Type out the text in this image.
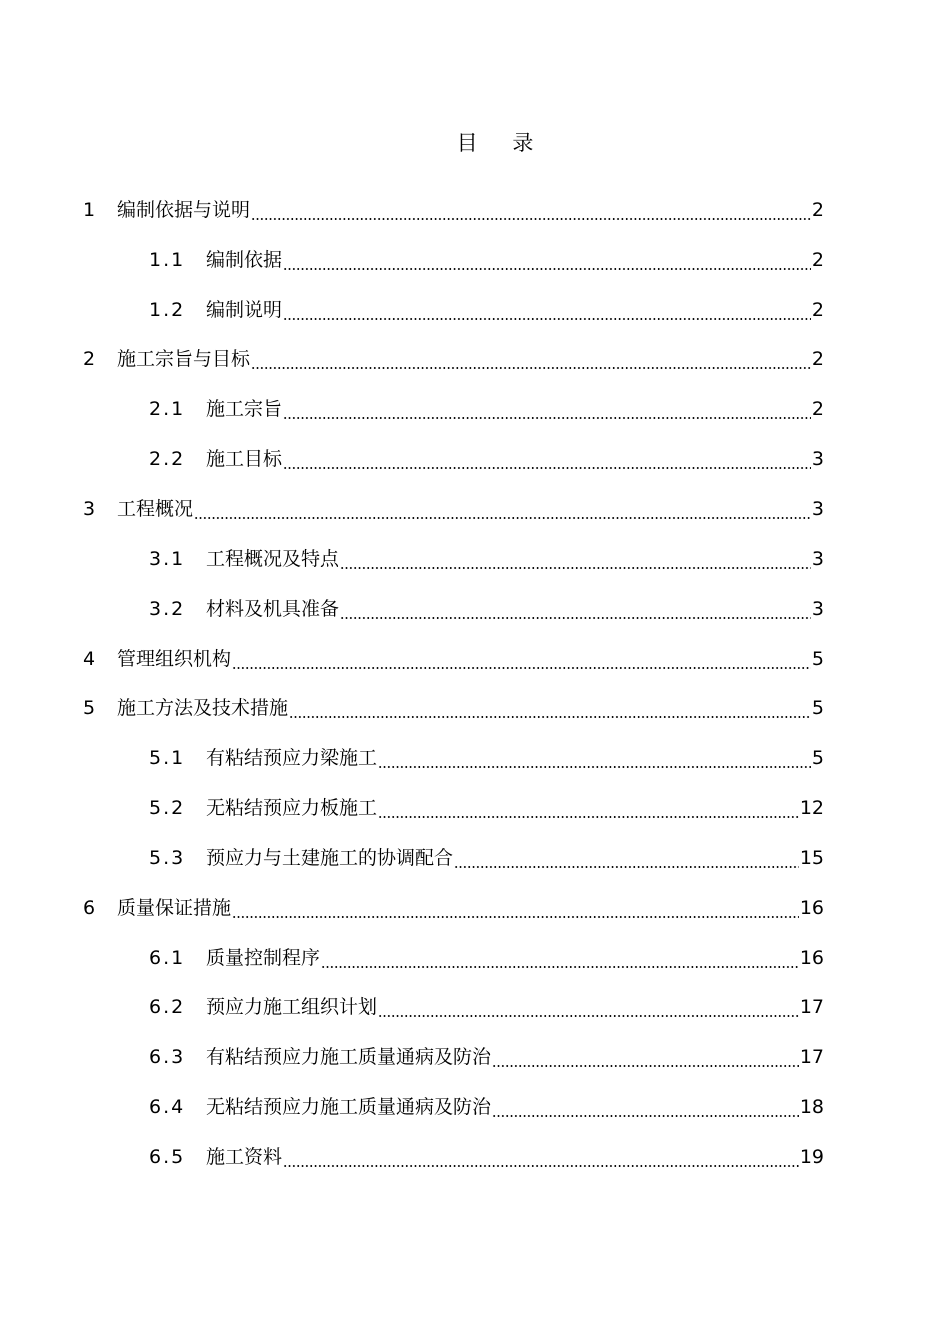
目 录
1	编制依据与说明	2
1.1	编制依据	2
1.2	编制说明	2
2	施工宗旨与目标	2
2.1	施工宗旨	2
2.2	施工目标	3
3	工程概况	3
3.1	工程概况及特点	3
3.2	材料及机具准备	3
4	管理组织机构	5
5	施工方法及技术措施	5
5.1	有粘结预应力梁施工	5
5.2	无粘结预应力板施工	12
5.3	预应力与土建施工的协调配合	15
6	质量保证措施	16
6.1	质量控制程序	16
6.2	预应力施工组织计划	17
6.3	有粘结预应力施工质量通病及防治	17
6.4	无粘结预应力施工质量通病及防治	18
6.5	施工资料	19
